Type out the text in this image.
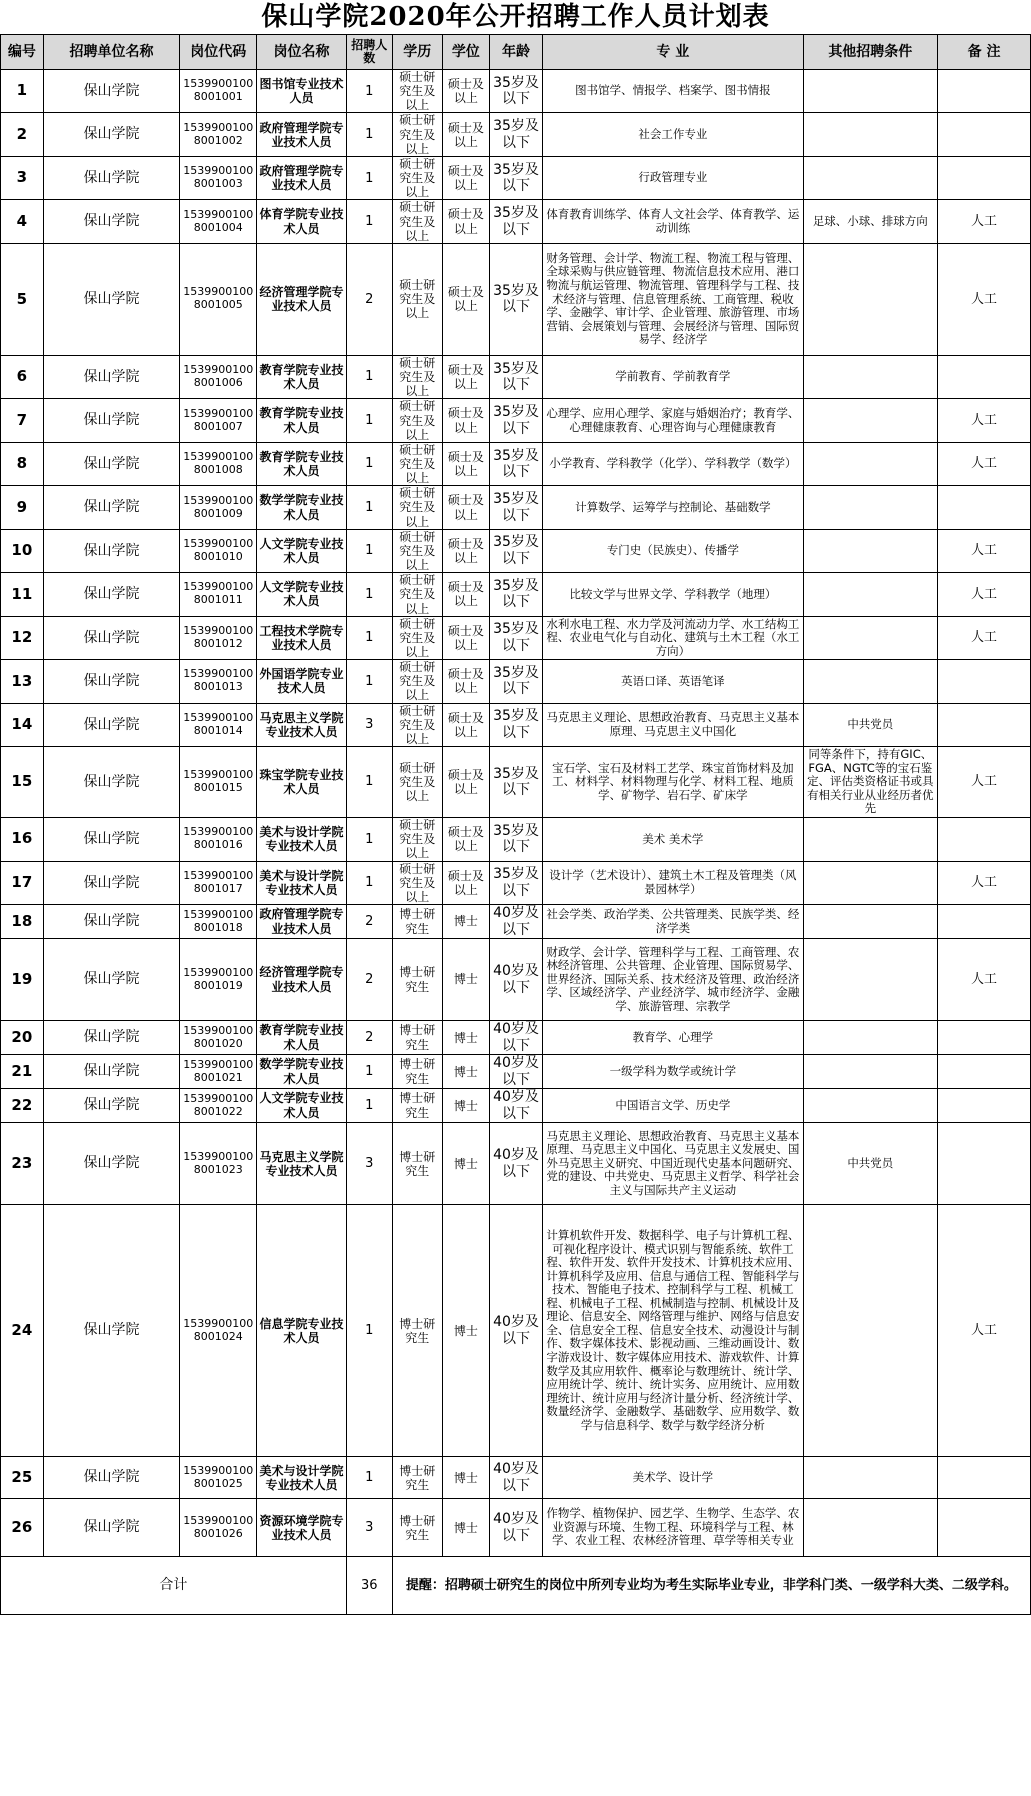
保山学院2020年公开招聘工作人员计划表
编号	招聘单位名称	岗位代码	岗位名称	招聘人数	学历	学位	年龄	专 业	其他招聘条件	备 注
1	保山学院	15399001008001001	图书馆专业技术人员	1	硕士研究生及以上	硕士及以上	35岁及以下	图书馆学、情报学、档案学、图书情报		
2	保山学院	15399001008001002	政府管理学院专业技术人员	1	硕士研究生及以上	硕士及以上	35岁及以下	社会工作专业		
3	保山学院	15399001008001003	政府管理学院专业技术人员	1	硕士研究生及以上	硕士及以上	35岁及以下	行政管理专业		
4	保山学院	15399001008001004	体育学院专业技术人员	1	硕士研究生及以上	硕士及以上	35岁及以下	体育教育训练学、体育人文社会学、体育教学、运动训练	足球、小球、排球方向	人工
5	保山学院	15399001008001005	经济管理学院专业技术人员	2	硕士研究生及以上	硕士及以上	35岁及以下	财务管理、会计学、物流工程、物流工程与管理、全球采购与供应链管理、物流信息技术应用、港口物流与航运管理、物流管理、管理科学与工程、技术经济与管理、信息管理系统、工商管理、税收学、金融学、审计学、企业管理、旅游管理、市场营销、会展策划与管理、会展经济与管理、国际贸易学、经济学		人工
6	保山学院	15399001008001006	教育学院专业技术人员	1	硕士研究生及以上	硕士及以上	35岁及以下	学前教育、学前教育学		
7	保山学院	15399001008001007	教育学院专业技术人员	1	硕士研究生及以上	硕士及以上	35岁及以下	心理学、应用心理学、家庭与婚姻治疗；教育学、心理健康教育、心理咨询与心理健康教育		人工
8	保山学院	15399001008001008	教育学院专业技术人员	1	硕士研究生及以上	硕士及以上	35岁及以下	小学教育、学科教学（化学）、学科教学（数学）		人工
9	保山学院	15399001008001009	数学学院专业技术人员	1	硕士研究生及以上	硕士及以上	35岁及以下	计算数学、运筹学与控制论、基础数学		
10	保山学院	15399001008001010	人文学院专业技术人员	1	硕士研究生及以上	硕士及以上	35岁及以下	专门史（民族史）、传播学		人工
11	保山学院	15399001008001011	人文学院专业技术人员	1	硕士研究生及以上	硕士及以上	35岁及以下	比较文学与世界文学、学科教学（地理）		人工
12	保山学院	15399001008001012	工程技术学院专业技术人员	1	硕士研究生及以上	硕士及以上	35岁及以下	水利水电工程、水力学及河流动力学、水工结构工程、农业电气化与自动化、建筑与土木工程（水工方向）		人工
13	保山学院	15399001008001013	外国语学院专业技术人员	1	硕士研究生及以上	硕士及以上	35岁及以下	英语口译、英语笔译		
14	保山学院	15399001008001014	马克思主义学院专业技术人员	3	硕士研究生及以上	硕士及以上	35岁及以下	马克思主义理论、思想政治教育、马克思主义基本原理、马克思主义中国化	中共党员	
15	保山学院	15399001008001015	珠宝学院专业技术人员	1	硕士研究生及以上	硕士及以上	35岁及以下	宝石学、宝石及材料工艺学、珠宝首饰材料及加工、材料学、材料物理与化学、材料工程、地质学、矿物学、岩石学、矿床学	同等条件下，持有GIC、FGA、NGTC等的宝石鉴定、评估类资格证书或具有相关行业从业经历者优先	人工
16	保山学院	15399001008001016	美术与设计学院专业技术人员	1	硕士研究生及以上	硕士及以上	35岁及以下	美术 美术学		
17	保山学院	15399001008001017	美术与设计学院专业技术人员	1	硕士研究生及以上	硕士及以上	35岁及以下	设计学（艺术设计）、建筑土木工程及管理类（风景园林学）		人工
18	保山学院	15399001008001018	政府管理学院专业技术人员	2	博士研究生	博士	40岁及以下	社会学类、政治学类、公共管理类、民族学类、经济学类		
19	保山学院	15399001008001019	经济管理学院专业技术人员	2	博士研究生	博士	40岁及以下	财政学、会计学、管理科学与工程、工商管理、农林经济管理、公共管理、企业管理、国际贸易学、世界经济、国际关系、技术经济及管理、政治经济学、区域经济学、产业经济学、城市经济学、金融学、旅游管理、宗教学		人工
20	保山学院	15399001008001020	教育学院专业技术人员	2	博士研究生	博士	40岁及以下	教育学、心理学		
21	保山学院	15399001008001021	数学学院专业技术人员	1	博士研究生	博士	40岁及以下	一级学科为数学或统计学		
22	保山学院	15399001008001022	人文学院专业技术人员	1	博士研究生	博士	40岁及以下	中国语言文学、历史学		
23	保山学院	15399001008001023	马克思主义学院专业技术人员	3	博士研究生	博士	40岁及以下	马克思主义理论、思想政治教育、马克思主义基本原理、马克思主义中国化、马克思主义发展史、国外马克思主义研究、中国近现代史基本问题研究、党的建设、中共党史、马克思主义哲学、科学社会主义与国际共产主义运动	中共党员	
24	保山学院	15399001008001024	信息学院专业技术人员	1	博士研究生	博士	40岁及以下	计算机软件开发、数据科学、电子与计算机工程、可视化程序设计、模式识别与智能系统、软件工程、软件开发、软件开发技术、计算机技术应用、计算机科学及应用、信息与通信工程、智能科学与技术、智能电子技术、控制科学与工程、机械工程、机械电子工程、机械制造与控制、机械设计及理论、信息安全、网络管理与维护、网络与信息安全、信息安全工程、信息安全技术、动漫设计与制作、数字媒体技术、影视动画、三维动画设计、数字游戏设计、数字媒体应用技术、游戏软件、计算数学及其应用软件、概率论与数理统计、统计学、应用统计学、统计、统计实务、应用统计、应用数理统计、统计应用与经济计量分析、经济统计学、数量经济学、金融数学、基础数学、应用数学、数学与信息科学、数学与数学经济分析		人工
25	保山学院	15399001008001025	美术与设计学院专业技术人员	1	博士研究生	博士	40岁及以下	美术学、设计学		
26	保山学院	15399001008001026	资源环境学院专业技术人员	3	博士研究生	博士	40岁及以下	作物学、植物保护、园艺学、生物学、生态学、农业资源与环境、生物工程、环境科学与工程、林学、农业工程、农林经济管理、草学等相关专业		
合计				36	提醒：招聘硕士研究生的岗位中所列专业均为考生实际毕业专业，非学科门类、一级学科大类、二级学科。					
